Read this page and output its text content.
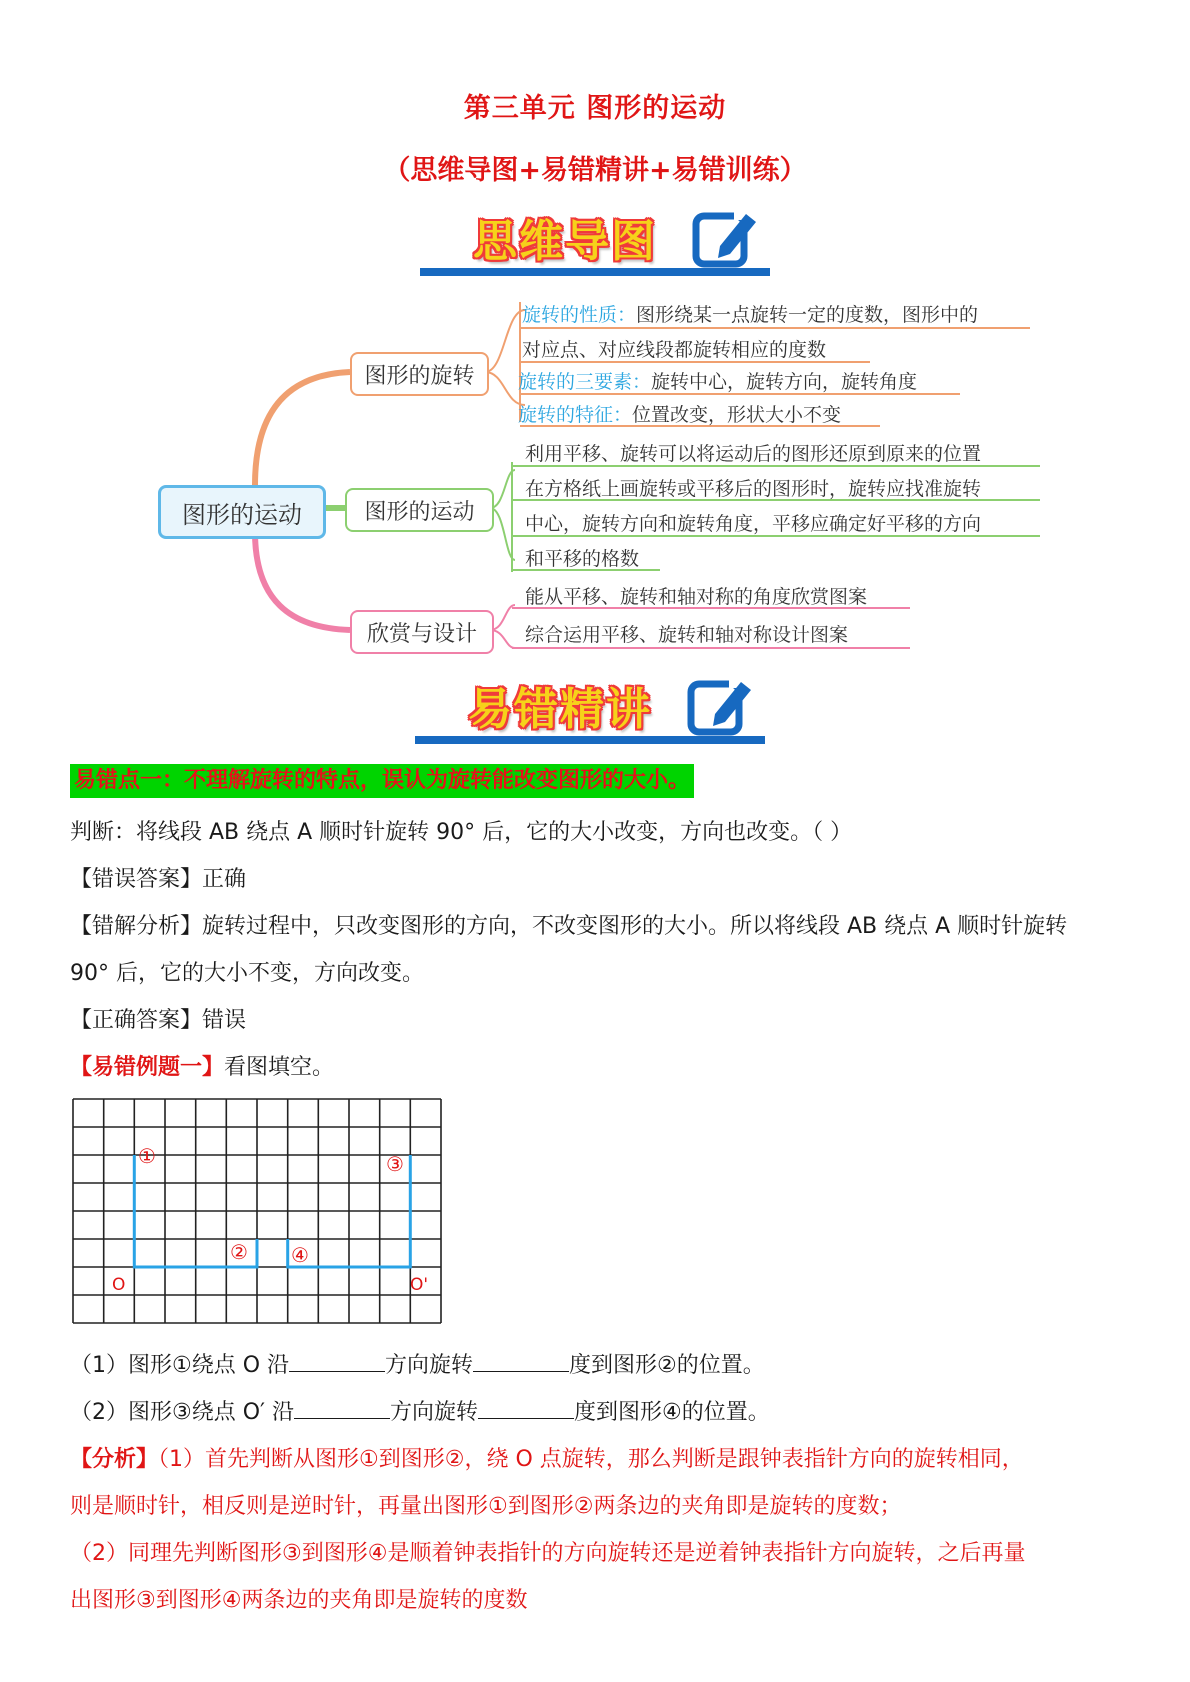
第三单元 图形的运动
（思维导图+易错精讲+易错训练）
思维导图
图形的运动
图形的旋转
图形的运动
欣赏与设计
旋转的性质：图形绕某一点旋转一定的度数，图形中的
对应点、对应线段都旋转相应的度数
旋转的三要素：旋转中心，旋转方向，旋转角度
旋转的特征：位置改变，形状大小不变
利用平移、旋转可以将运动后的图形还原到原来的位置
在方格纸上画旋转或平移后的图形时，旋转应找准旋转
中心，旋转方向和旋转角度，平移应确定好平移的方向
和平移的格数
能从平移、旋转和轴对称的角度欣赏图案
综合运用平移、旋转和轴对称设计图案
易错精讲
易错点一：不理解旋转的特点，误认为旋转能改变图形的大小。
判断：将线段 AB 绕点 A 顺时针旋转 90° 后，它的大小改变，方向也改变。（ ）
【错误答案】正确
【错解分析】旋转过程中，只改变图形的方向，不改变图形的大小。所以将线段 AB 绕点 A 顺时针旋转
90° 后，它的大小不变，方向改变。
【正确答案】错误
【易错例题一】看图填空。
①
②
③
④
O	O'
（1）图形①绕点 O 沿	方向旋转	度到图形②的位置。
（2）图形③绕点 O′ 沿	方向旋转	度到图形④的位置。
【分析】（1）首先判断从图形①到图形②，绕 O 点旋转，那么判断是跟钟表指针方向的旋转相同，
则是顺时针，相反则是逆时针，再量出图形①到图形②两条边的夹角即是旋转的度数；
（2）同理先判断图形③到图形④是顺着钟表指针的方向旋转还是逆着钟表指针方向旋转，之后再量
出图形③到图形④两条边的夹角即是旋转的度数
